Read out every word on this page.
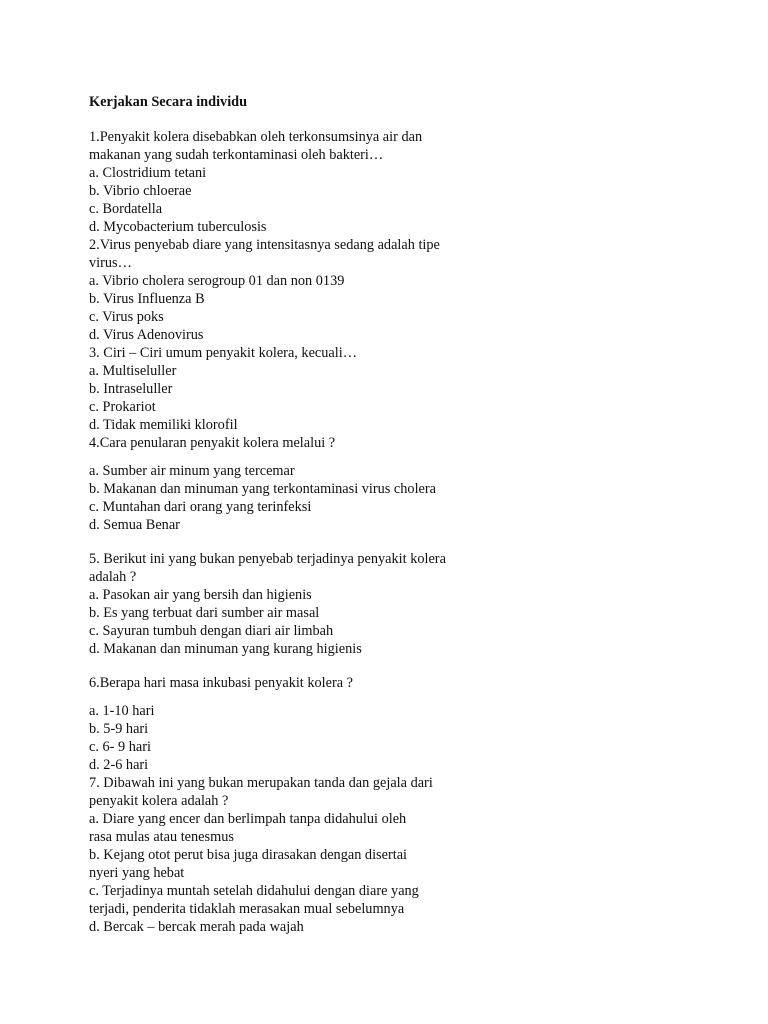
Kerjakan Secara individu
1.Penyakit kolera disebabkan oleh terkonsumsinya air dan
makanan yang sudah terkontaminasi oleh bakteri…
a. Clostridium tetani
b. Vibrio chloerae
c. Bordatella
d. Mycobacterium tuberculosis
2.Virus penyebab diare yang intensitasnya sedang adalah tipe
virus…
a. Vibrio cholera serogroup 01 dan non 0139
b. Virus Influenza B
c. Virus poks
d. Virus Adenovirus
3. Ciri – Ciri umum penyakit kolera, kecuali…
a. Multiseluller
b. Intraseluller
c. Prokariot
d. Tidak memiliki klorofil
4.Cara penularan penyakit kolera melalui ?
a. Sumber air minum yang tercemar
b. Makanan dan minuman yang terkontaminasi virus cholera
c. Muntahan dari orang yang terinfeksi
d. Semua Benar
5. Berikut ini yang bukan penyebab terjadinya penyakit kolera
adalah ?
a. Pasokan air yang bersih dan higienis
b. Es yang terbuat dari sumber air masal
c. Sayuran tumbuh dengan diari air limbah
d. Makanan dan minuman yang kurang higienis
6.Berapa hari masa inkubasi penyakit kolera ?
a. 1-10 hari
b. 5-9 hari
c. 6- 9 hari
d. 2-6 hari
7. Dibawah ini yang bukan merupakan tanda dan gejala dari
penyakit kolera adalah ?
a. Diare yang encer dan berlimpah tanpa didahului oleh
rasa mulas atau tenesmus
b. Kejang otot perut bisa juga dirasakan dengan disertai
nyeri yang hebat
c. Terjadinya muntah setelah didahului dengan diare yang
terjadi, penderita tidaklah merasakan mual sebelumnya
d. Bercak – bercak merah pada wajah
